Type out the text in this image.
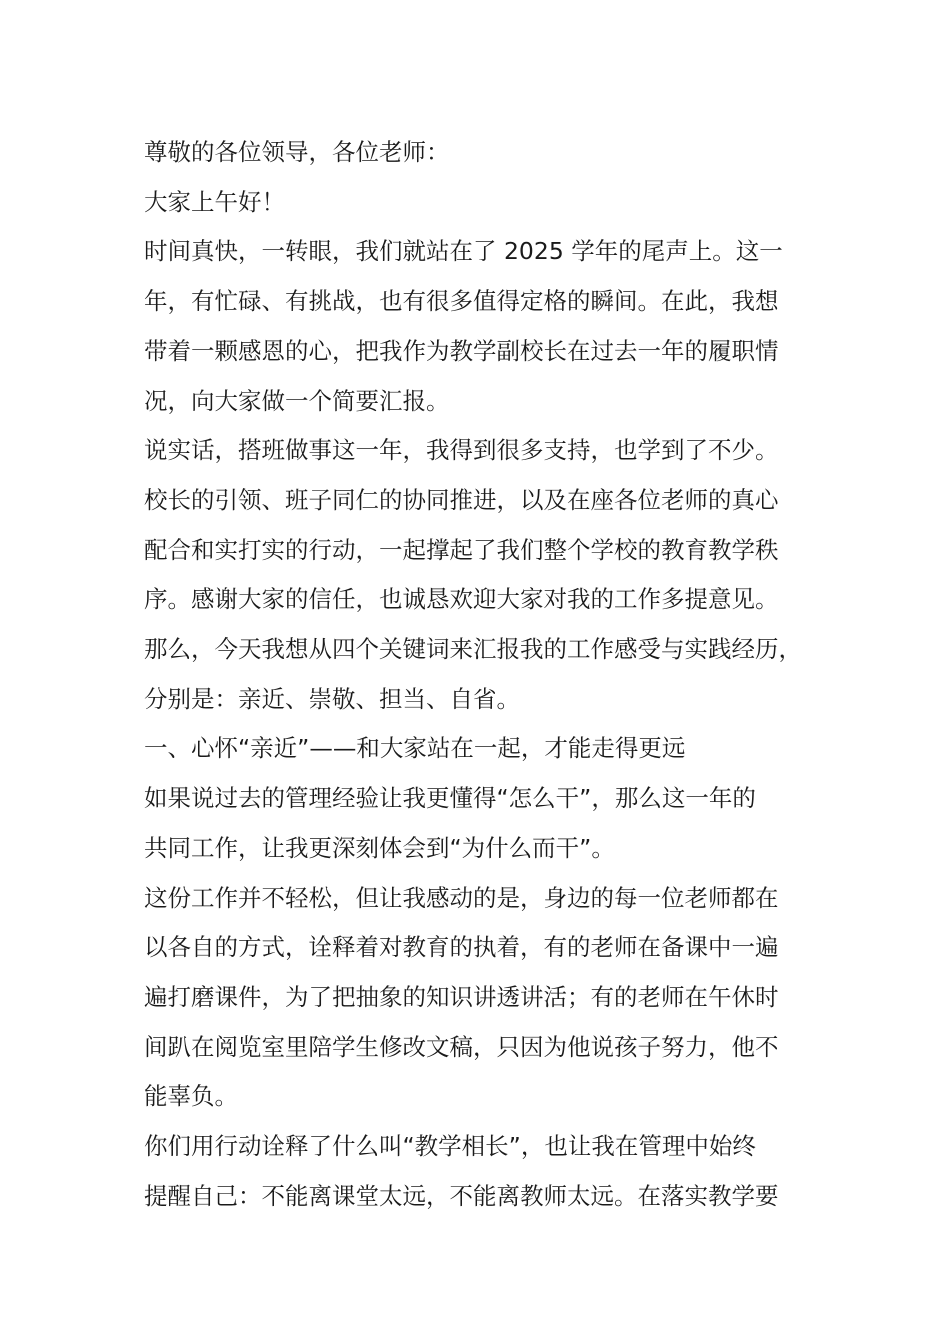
尊敬的各位领导，各位老师：

大家上午好！

时间真快，一转眼，我们就站在了 2025 学年的尾声上。这一

年，有忙碌、有挑战，也有很多值得定格的瞬间。在此，我想

带着一颗感恩的心，把我作为教学副校长在过去一年的履职情

况，向大家做一个简要汇报。

说实话，搭班做事这一年，我得到很多支持，也学到了不少。

校长的引领、班子同仁的协同推进，以及在座各位老师的真心

配合和实打实的行动，一起撑起了我们整个学校的教育教学秩

序。感谢大家的信任，也诚恳欢迎大家对我的工作多提意见。

那么，今天我想从四个关键词来汇报我的工作感受与实践经历，

分别是：亲近、崇敬、担当、自省。

一、心怀“亲近”——和大家站在一起，才能走得更远

如果说过去的管理经验让我更懂得“怎么干”，那么这一年的

共同工作，让我更深刻体会到“为什么而干”。

这份工作并不轻松，但让我感动的是，身边的每一位老师都在

以各自的方式，诠释着对教育的执着，有的老师在备课中一遍

遍打磨课件，为了把抽象的知识讲透讲活；有的老师在午休时

间趴在阅览室里陪学生修改文稿，只因为他说孩子努力，他不

能辜负。

你们用行动诠释了什么叫“教学相长”，也让我在管理中始终

提醒自己：不能离课堂太远，不能离教师太远。在落实教学要
